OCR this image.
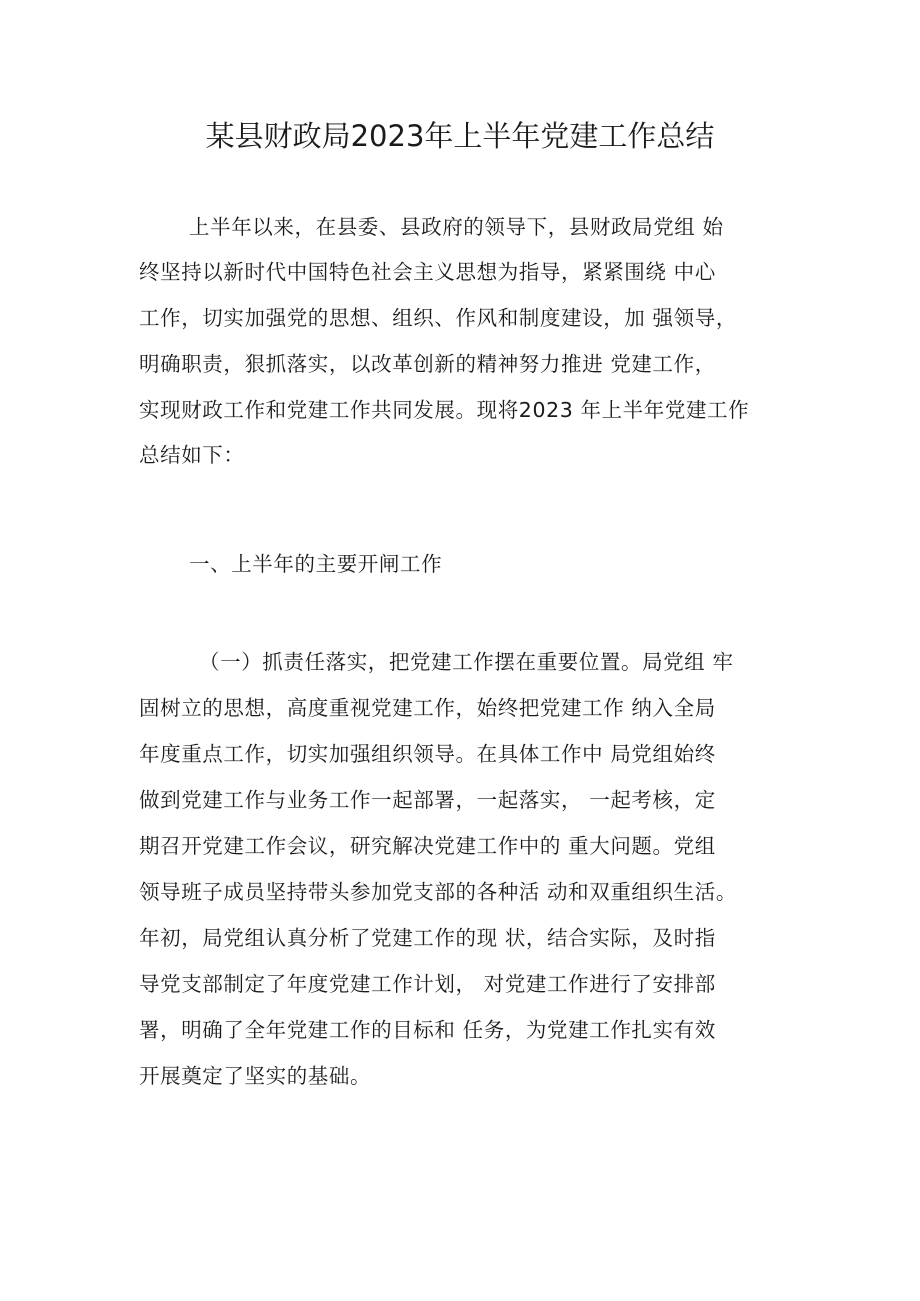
某县财政局2023年上半年党建工作总结
上半年以来，在县委、县政府的领导下，县财政局党组 始
终坚持以新时代中国特色社会主义思想为指导，紧紧围绕 中心
工作，切实加强党的思想、组织、作风和制度建设，加 强领导，
明确职责，狠抓落实，以改革创新的精神努力推进 党建工作，
实现财政工作和党建工作共同发展。现将2023 年上半年党建工作
总结如下：
一、上半年的主要开闸工作
（一）抓责任落实，把党建工作摆在重要位置。局党组 牢
固树立的思想，高度重视党建工作，始终把党建工作 纳入全局
年度重点工作，切实加强组织领导。在具体工作中 局党组始终
做到党建工作与业务工作一起部署，一起落实， 一起考核，定
期召开党建工作会议，研究解决党建工作中的 重大问题。党组
领导班子成员坚持带头参加党支部的各种活 动和双重组织生活。
年初，局党组认真分析了党建工作的现 状，结合实际，及时指
导党支部制定了年度党建工作计划， 对党建工作进行了安排部
署，明确了全年党建工作的目标和 任务，为党建工作扎实有效
开展奠定了坚实的基础。
